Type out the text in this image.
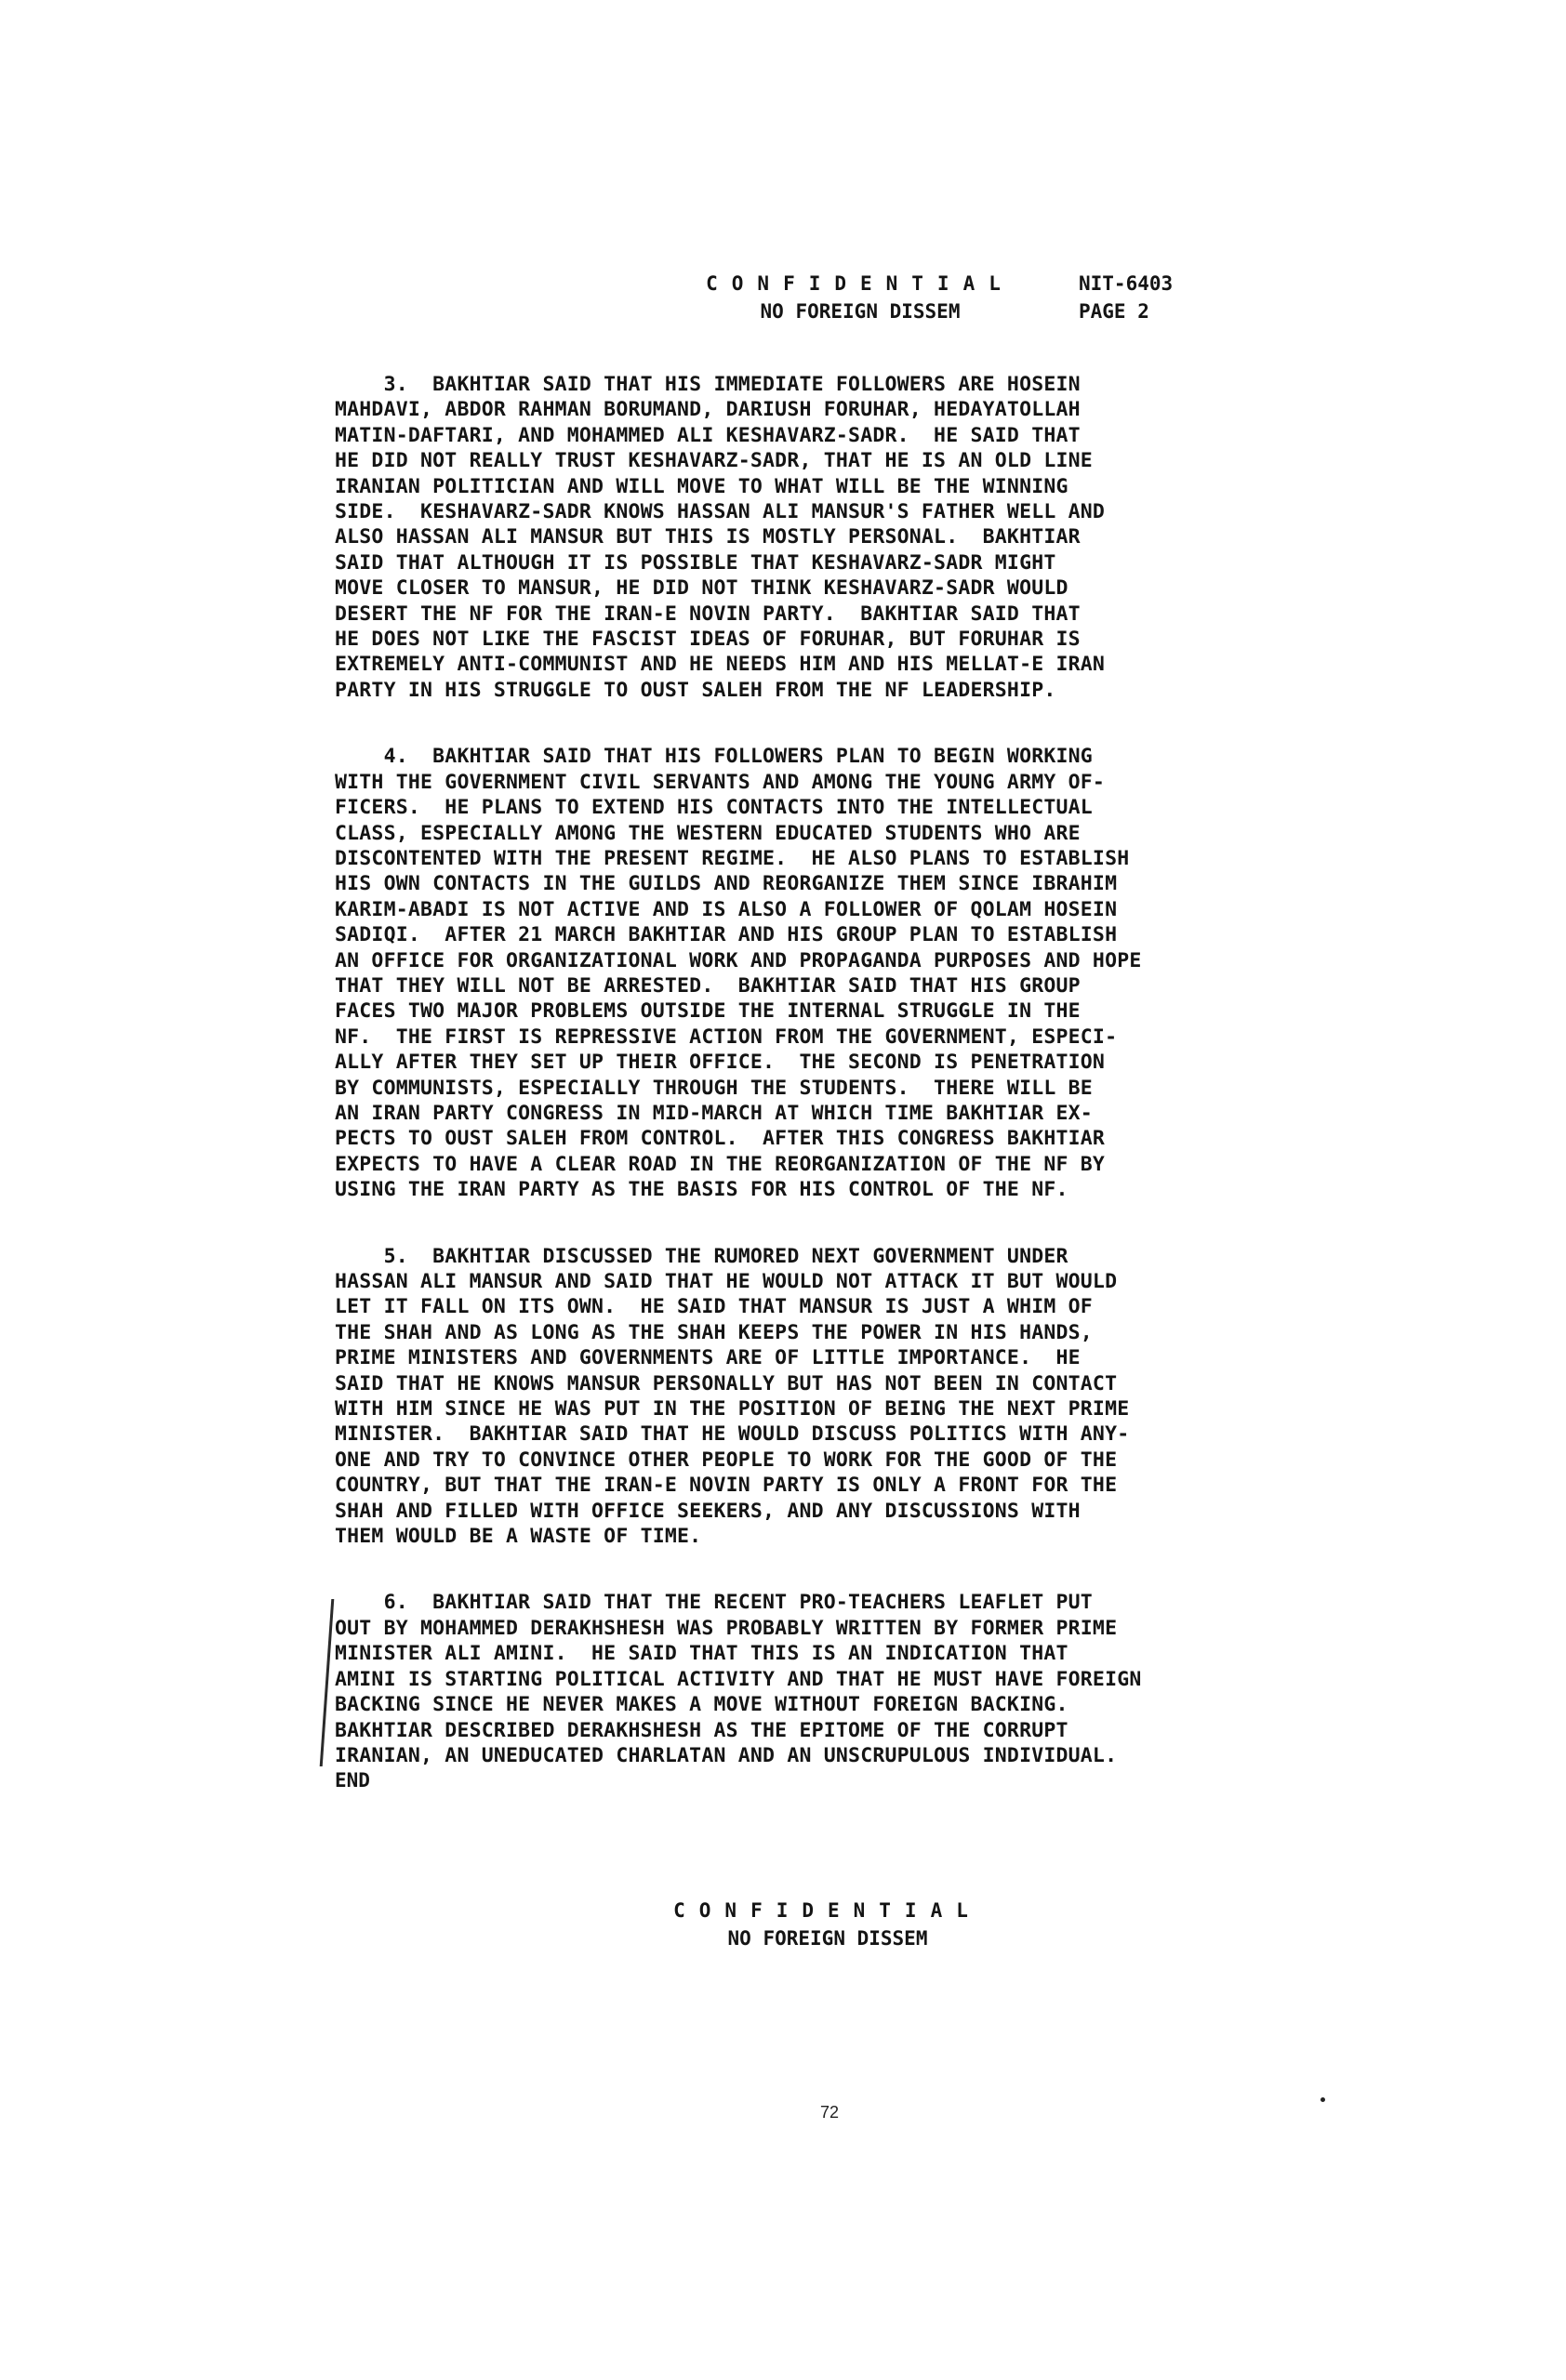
CONFIDENTIAL	NIT-6403
NO FOREIGN DISSEM	PAGE 2
3.  BAKHTIAR SAID THAT HIS IMMEDIATE FOLLOWERS ARE HOSEIN
MAHDAVI, ABDOR RAHMAN BORUMAND, DARIUSH FORUHAR, HEDAYATOLLAH
MATIN-DAFTARI, AND MOHAMMED ALI KESHAVARZ-SADR.  HE SAID THAT
HE DID NOT REALLY TRUST KESHAVARZ-SADR, THAT HE IS AN OLD LINE
IRANIAN POLITICIAN AND WILL MOVE TO WHAT WILL BE THE WINNING
SIDE.  KESHAVARZ-SADR KNOWS HASSAN ALI MANSUR'S FATHER WELL AND
ALSO HASSAN ALI MANSUR BUT THIS IS MOSTLY PERSONAL.  BAKHTIAR
SAID THAT ALTHOUGH IT IS POSSIBLE THAT KESHAVARZ-SADR MIGHT
MOVE CLOSER TO MANSUR, HE DID NOT THINK KESHAVARZ-SADR WOULD
DESERT THE NF FOR THE IRAN-E NOVIN PARTY.  BAKHTIAR SAID THAT
HE DOES NOT LIKE THE FASCIST IDEAS OF FORUHAR, BUT FORUHAR IS
EXTREMELY ANTI-COMMUNIST AND HE NEEDS HIM AND HIS MELLAT-E IRAN
PARTY IN HIS STRUGGLE TO OUST SALEH FROM THE NF LEADERSHIP.
4.  BAKHTIAR SAID THAT HIS FOLLOWERS PLAN TO BEGIN WORKING
WITH THE GOVERNMENT CIVIL SERVANTS AND AMONG THE YOUNG ARMY OF-
FICERS.  HE PLANS TO EXTEND HIS CONTACTS INTO THE INTELLECTUAL
CLASS, ESPECIALLY AMONG THE WESTERN EDUCATED STUDENTS WHO ARE
DISCONTENTED WITH THE PRESENT REGIME.  HE ALSO PLANS TO ESTABLISH
HIS OWN CONTACTS IN THE GUILDS AND REORGANIZE THEM SINCE IBRAHIM
KARIM-ABADI IS NOT ACTIVE AND IS ALSO A FOLLOWER OF QOLAM HOSEIN
SADIQI.  AFTER 21 MARCH BAKHTIAR AND HIS GROUP PLAN TO ESTABLISH
AN OFFICE FOR ORGANIZATIONAL WORK AND PROPAGANDA PURPOSES AND HOPE
THAT THEY WILL NOT BE ARRESTED.  BAKHTIAR SAID THAT HIS GROUP
FACES TWO MAJOR PROBLEMS OUTSIDE THE INTERNAL STRUGGLE IN THE
NF.  THE FIRST IS REPRESSIVE ACTION FROM THE GOVERNMENT, ESPECI-
ALLY AFTER THEY SET UP THEIR OFFICE.  THE SECOND IS PENETRATION
BY COMMUNISTS, ESPECIALLY THROUGH THE STUDENTS.  THERE WILL BE
AN IRAN PARTY CONGRESS IN MID-MARCH AT WHICH TIME BAKHTIAR EX-
PECTS TO OUST SALEH FROM CONTROL.  AFTER THIS CONGRESS BAKHTIAR
EXPECTS TO HAVE A CLEAR ROAD IN THE REORGANIZATION OF THE NF BY
USING THE IRAN PARTY AS THE BASIS FOR HIS CONTROL OF THE NF.
5.  BAKHTIAR DISCUSSED THE RUMORED NEXT GOVERNMENT UNDER
HASSAN ALI MANSUR AND SAID THAT HE WOULD NOT ATTACK IT BUT WOULD
LET IT FALL ON ITS OWN.  HE SAID THAT MANSUR IS JUST A WHIM OF
THE SHAH AND AS LONG AS THE SHAH KEEPS THE POWER IN HIS HANDS,
PRIME MINISTERS AND GOVERNMENTS ARE OF LITTLE IMPORTANCE.  HE
SAID THAT HE KNOWS MANSUR PERSONALLY BUT HAS NOT BEEN IN CONTACT
WITH HIM SINCE HE WAS PUT IN THE POSITION OF BEING THE NEXT PRIME
MINISTER.  BAKHTIAR SAID THAT HE WOULD DISCUSS POLITICS WITH ANY-
ONE AND TRY TO CONVINCE OTHER PEOPLE TO WORK FOR THE GOOD OF THE
COUNTRY, BUT THAT THE IRAN-E NOVIN PARTY IS ONLY A FRONT FOR THE
SHAH AND FILLED WITH OFFICE SEEKERS, AND ANY DISCUSSIONS WITH
THEM WOULD BE A WASTE OF TIME.
6.  BAKHTIAR SAID THAT THE RECENT PRO-TEACHERS LEAFLET PUT
OUT BY MOHAMMED DERAKHSHESH WAS PROBABLY WRITTEN BY FORMER PRIME
MINISTER ALI AMINI.  HE SAID THAT THIS IS AN INDICATION THAT
AMINI IS STARTING POLITICAL ACTIVITY AND THAT HE MUST HAVE FOREIGN
BACKING SINCE HE NEVER MAKES A MOVE WITHOUT FOREIGN BACKING.
BAKHTIAR DESCRIBED DERAKHSHESH AS THE EPITOME OF THE CORRUPT
IRANIAN, AN UNEDUCATED CHARLATAN AND AN UNSCRUPULOUS INDIVIDUAL.
END
CONFIDENTIAL
NO FOREIGN DISSEM
72
